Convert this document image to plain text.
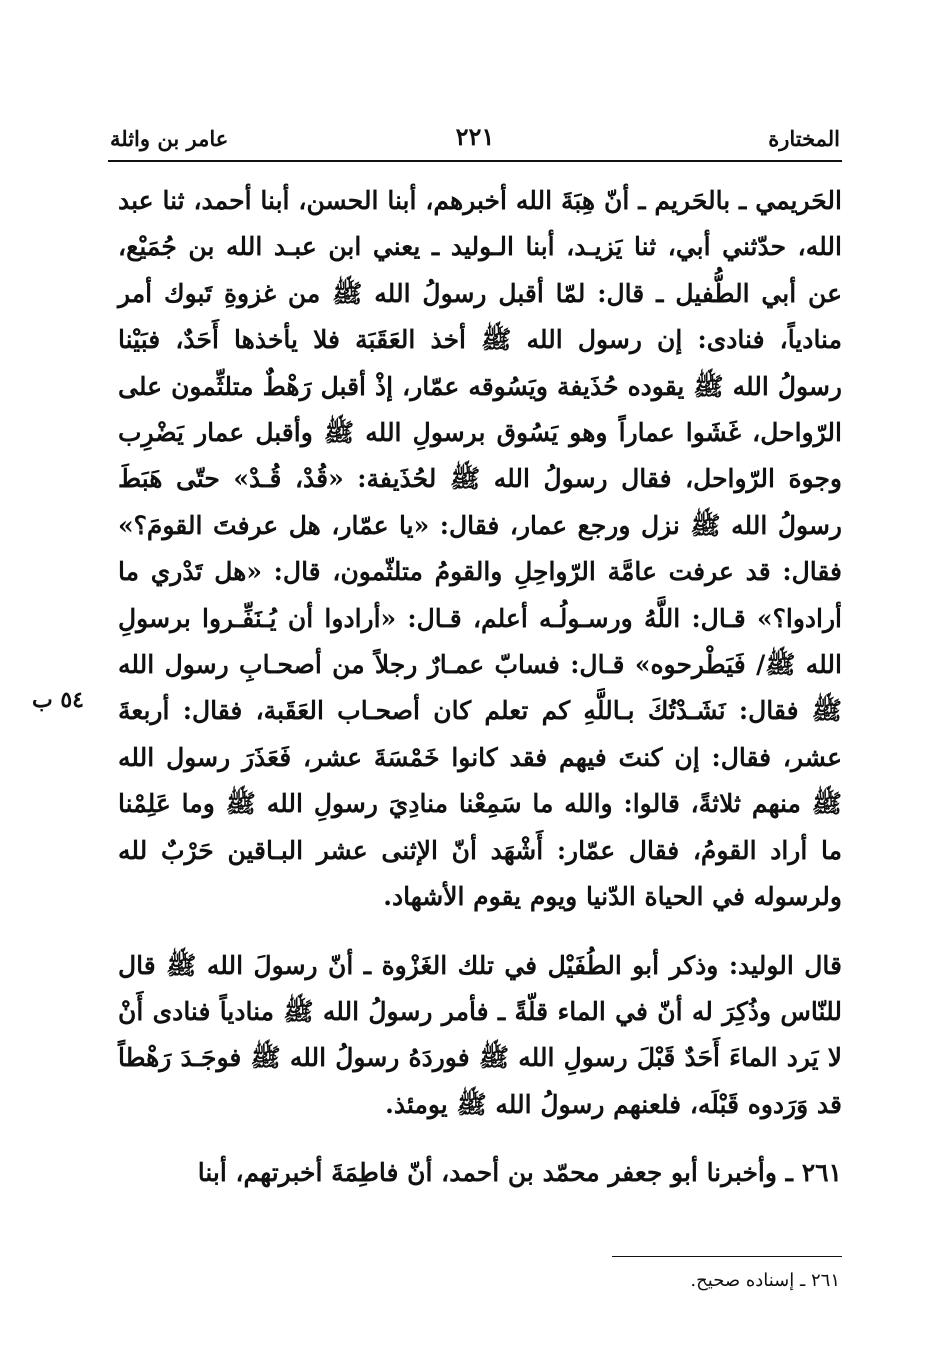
المختارة
٢٢١
عامر بن واثلة
٥٤ ب

الحَريمي ـ بالحَريم ـ أنّ هِبَةَ الله أخبرهم، أبنا الحسن، أبنا أحمد، ثنا عبد الله، حدّثني أبي، ثنا يَزيـد، أبنا الـوليد ـ يعني ابن عبـد الله بن جُمَيْع، عن أبي الطُّفيل ـ قال: لمّا أقبل رسولُ الله ﷺ من غزوةِ تَبوك أمر منادياً، فنادى: إن رسول الله ﷺ أخذ العَقَبَة فلا يأخذها أَحَدٌ، فبَيْنا رسولُ الله ﷺ يقوده حُذَيفة ويَسُوقه عمّار، إذْ أقبل رَهْطٌ متلثِّمون على الرّواحل، غَشَوا عماراً وهو يَسُوق برسولِ الله ﷺ وأقبل عمار يَضْرِب وجوهَ الرّواحل، فقال رسولُ الله ﷺ لحُذَيفة: «قُدْ، قُـدْ» حتّى هَبَطَ رسولُ الله ﷺ نزل ورجع عمار، فقال: «يا عمّار، هل عرفتَ القومَ؟» فقال: قد عرفت عامَّة الرّواحِلِ والقومُ متلثّمون، قال: «هل تَدْري ما أرادوا؟» قـال: اللَّهُ ورسـولُـه أعلم، قـال: «أرادوا أن يُـنَفِّـروا برسولِ الله ﷺ/ فَيَطْرحوه» قـال: فسابّ عمـارٌ رجلاً من أصحـابِ رسول الله ﷺ فقال: نَشَـدْتُكَ بـاللَّهِ كم تعلم كان أصحـاب العَقَبة، فقال: أربعةَ عشر، فقال: إن كنتَ فيهم فقد كانوا خَمْسَةَ عشر، فَعَذَرَ رسول الله ﷺ منهم ثلاثةً، قالوا: والله ما سَمِعْنا منادِيَ رسولِ الله ﷺ وما عَلِمْنا ما أراد القومُ، فقال عمّار: أَشْهَد أنّ الإثنى عشر البـاقين حَرْبٌ لله ولرسوله في الحياة الدّنيا ويوم يقوم الأشهاد.

قال الوليد: وذكر أبو الطُفَيْل في تلك الغَزْوة ـ أنّ رسولَ الله ﷺ قال للنّاس وذُكِرَ له أنّ في الماء قلّةً ـ فأمر رسولُ الله ﷺ منادياً فنادى أَنْ لا يَرد الماءَ أَحَدٌ قَبْلَ رسولِ الله ﷺ فوردَهُ رسولُ الله ﷺ فوجَـدَ رَهْطاً قد وَرَدوه قَبْلَه، فلعنهم رسولُ الله ﷺ يومئذ.

٢٦١ ـ وأخبرنا أبو جعفر محمّد بن أحمد، أنّ فاطِمَةَ أخبرتهم، أبنا

٢٦١ ـ إسناده صحيح.
